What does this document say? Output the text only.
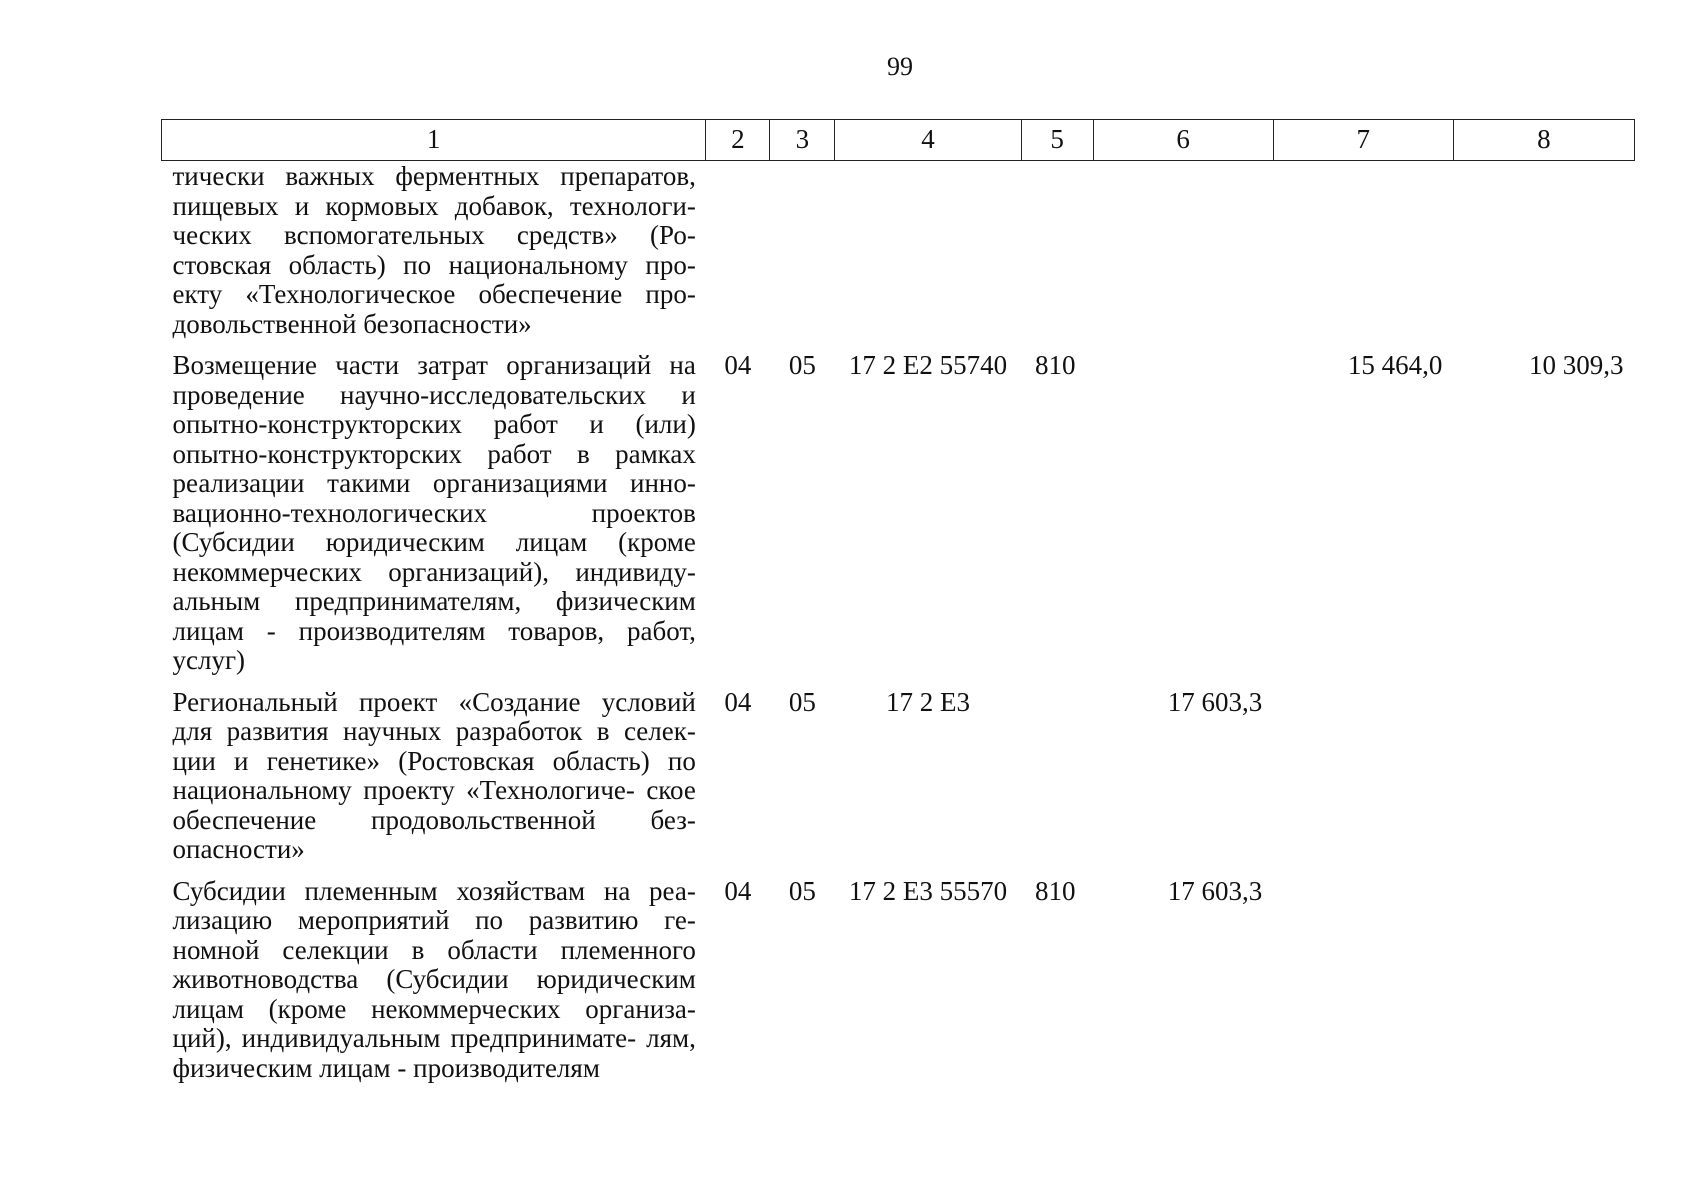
99
1	2	3	4	5	6	7	8
тически важных ферментных препаратов, пищевых и кормовых добавок, технологи- ческих вспомогательных средств» (Ро- стовская область) по национальному про- екту «Технологическое обеспечение про- довольственной безопасности»							
Возмещение части затрат организаций на проведение научно-исследовательских и опытно-конструкторских работ и (или) опытно-конструкторских работ в рамках реализации такими организациями инно- вационно-технологических проектов (Субсидии юридическим лицам (кроме некоммерческих организаций), индивиду- альным предпринимателям, физическим лицам - производителям товаров, работ, услуг)	04	05	17 2 Е2 55740	810		15 464,0	10 309,3
Региональный проект «Создание условий для развития научных разработок в селек- ции и генетике» (Ростовская область) по национальному проекту «Технологиче- ское обеспечение продовольственной без- опасности»	04	05	17 2 Е3		17 603,3		
Субсидии племенным хозяйствам на реа- лизацию мероприятий по развитию ге- номной селекции в области племенного животноводства (Субсидии юридическим лицам (кроме некоммерческих организа- ций), индивидуальным предпринимате- лям, физическим лицам - производителям	04	05	17 2 Е3 55570	810	17 603,3		
